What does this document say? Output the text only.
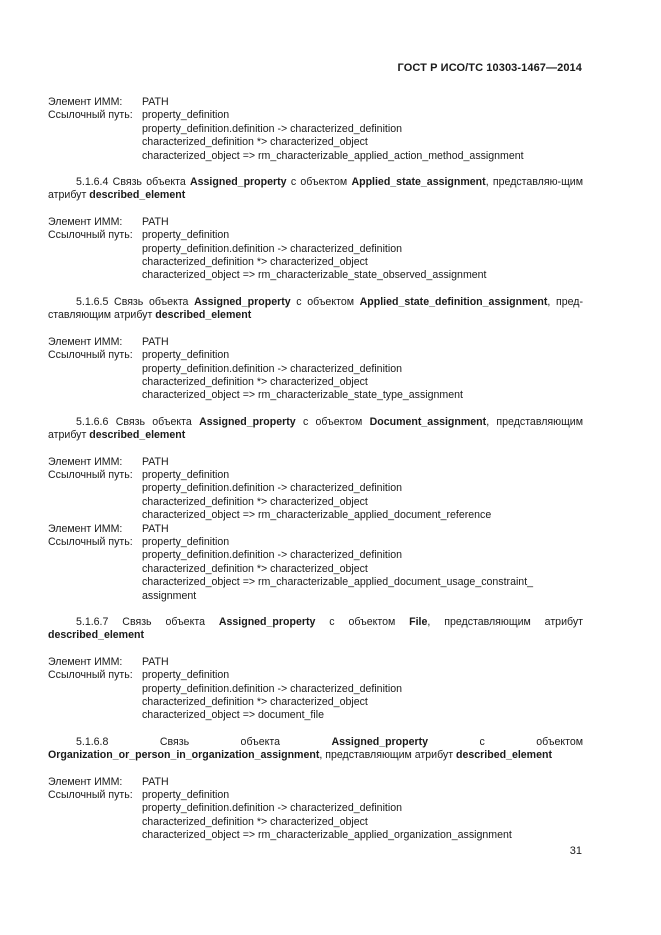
ГОСТ Р ИСО/ТС 10303-1467—2014
Элемент ИММ:	PATH
Ссылочный путь: property_definition
property_definition.definition -> characterized_definition
characterized_definition *> characterized_object
characterized_object => rm_characterizable_applied_action_method_assignment
5.1.6.4 Связь объекта Assigned_property с объектом Applied_state_assignment, представляю-щим атрибут described_element
Элемент ИММ:	PATH
Ссылочный путь: property_definition
property_definition.definition -> characterized_definition
characterized_definition *> characterized_object
characterized_object => rm_characterizable_state_observed_assignment
5.1.6.5 Связь объекта Assigned_property с объектом Applied_state_definition_assignment, пред-ставляющим атрибут described_element
Элемент ИММ:	PATH
Ссылочный путь: property_definition
property_definition.definition -> characterized_definition
characterized_definition *> characterized_object
characterized_object => rm_characterizable_state_type_assignment
5.1.6.6 Связь объекта Assigned_property с объектом Document_assignment, представляющим атрибут described_element
Элемент ИММ:	PATH
Ссылочный путь: property_definition
property_definition.definition -> characterized_definition
characterized_definition *> characterized_object
characterized_object => rm_characterizable_applied_document_reference
Элемент ИММ:	PATH
Ссылочный путь: property_definition
property_definition.definition -> characterized_definition
characterized_definition *> characterized_object
characterized_object => rm_characterizable_applied_document_usage_constraint_
assignment
5.1.6.7 Связь объекта Assigned_property с объектом File, представляющим атрибут described_element
Элемент ИММ:	PATH
Ссылочный путь: property_definition
property_definition.definition -> characterized_definition
characterized_definition *> characterized_object
characterized_object => document_file
5.1.6.8 Связь объекта Assigned_property с объектом Organization_or_person_in_organization_assignment, представляющим атрибут described_element
Элемент ИММ:	PATH
Ссылочный путь: property_definition
property_definition.definition -> characterized_definition
characterized_definition *> characterized_object
characterized_object => rm_characterizable_applied_organization_assignment
31
